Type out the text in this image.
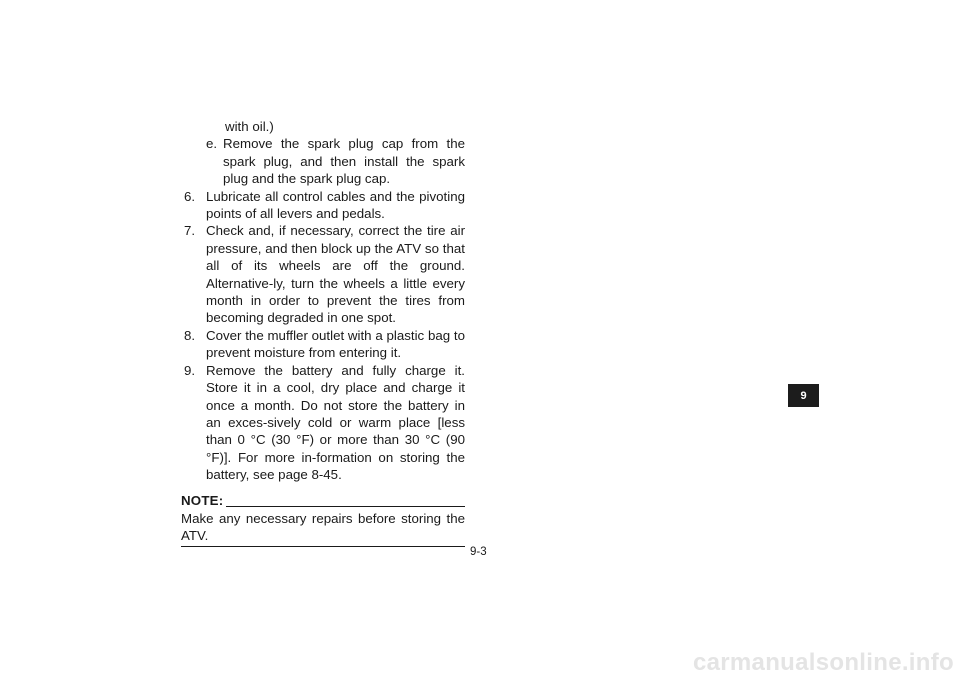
with oil.)
e. Remove the spark plug cap from the spark plug, and then install the spark plug and the spark plug cap.
6. Lubricate all control cables and the pivoting points of all levers and pedals.
7. Check and, if necessary, correct the tire air pressure, and then block up the ATV so that all of its wheels are off the ground. Alternative-ly, turn the wheels a little every month in order to prevent the tires from becoming degraded in one spot.
8. Cover the muffler outlet with a plastic bag to prevent moisture from entering it.
9. Remove the battery and fully charge it. Store it in a cool, dry place and charge it once a month. Do not store the battery in an exces-sively cold or warm place [less than 0 °C (30 °F) or more than 30 °C (90 °F)]. For more in-formation on storing the battery, see page 8-45.
NOTE:
Make any necessary repairs before storing the ATV.
9-3
9
carmanualsonline.info
